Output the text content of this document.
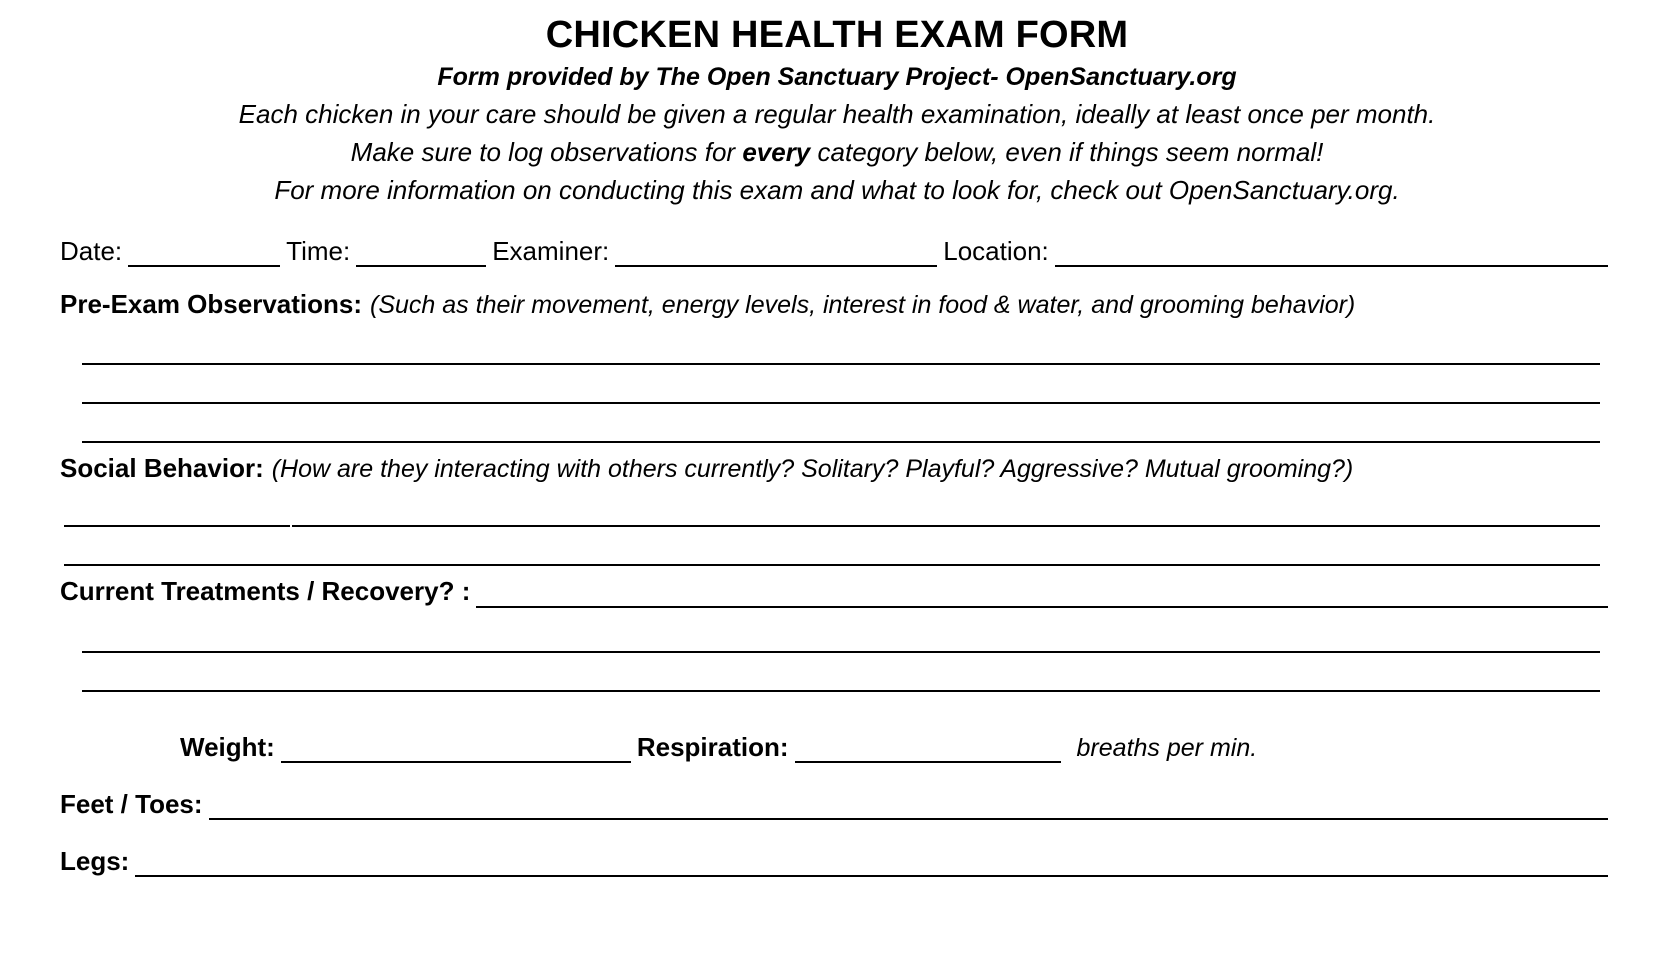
CHICKEN HEALTH EXAM FORM
Form provided by The Open Sanctuary Project- OpenSanctuary.org
Each chicken in your care should be given a regular health examination, ideally at least once per month.
Make sure to log observations for every category below, even if things seem normal!
For more information on conducting this exam and what to look for, check out OpenSanctuary.org.
Date:	Time:	Examiner:	Location:
Pre-Exam Observations: (Such as their movement, energy levels, interest in food & water, and grooming behavior)
Social Behavior: (How are they interacting with others currently? Solitary? Playful? Aggressive? Mutual grooming?)
Current Treatments / Recovery? :
Weight:	Respiration:	breaths per min.
Feet / Toes:
Legs:
